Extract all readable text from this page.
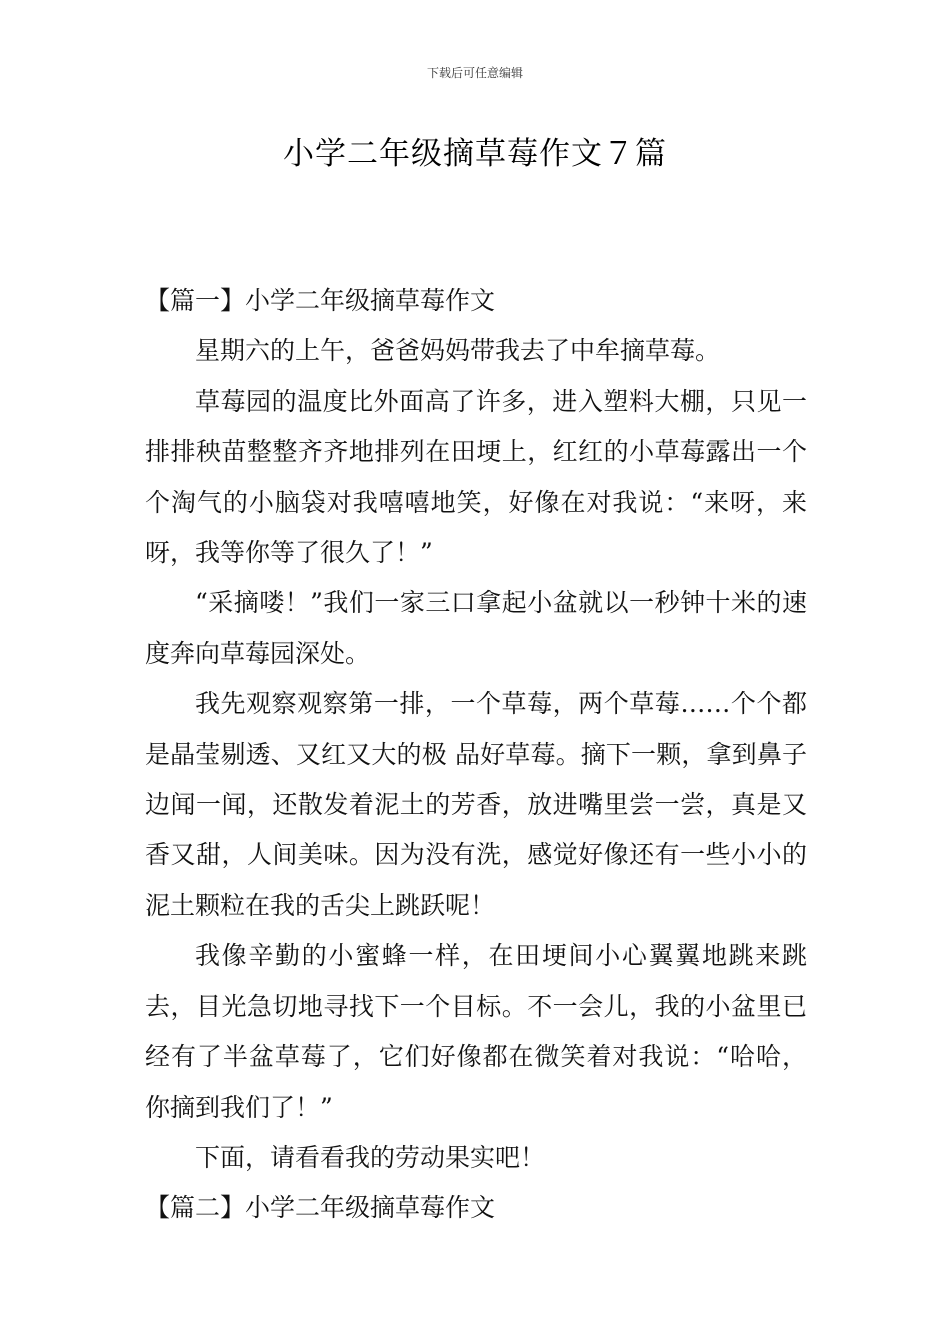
下载后可任意编辑
小学二年级摘草莓作文７篇
【篇一】小学二年级摘草莓作文

星期六的上午，爸爸妈妈带我去了中牟摘草莓。

草莓园的温度比外面高了许多，进入塑料大棚，只见一排排秧苗整整齐齐地排列在田埂上，红红的小草莓露出一个个淘气的小脑袋对我嘻嘻地笑，好像在对我说：“来呀，来呀，我等你等了很久了！”

“采摘喽！”我们一家三口拿起小盆就以一秒钟十米的速度奔向草莓园深处。

我先观察观察第一排，一个草莓，两个草莓……个个都是晶莹剔透、又红又大的极 品好草莓。摘下一颗，拿到鼻子边闻一闻，还散发着泥土的芳香，放进嘴里尝一尝，真是又香又甜，人间美味。因为没有洗，感觉好像还有一些小小的泥土颗粒在我的舌尖上跳跃呢！

我像辛勤的小蜜蜂一样，在田埂间小心翼翼地跳来跳去，目光急切地寻找下一个目标。不一会儿，我的小盆里已经有了半盆草莓了，它们好像都在微笑着对我说：“哈哈，你摘到我们了！”

下面，请看看我的劳动果实吧！

【篇二】小学二年级摘草莓作文
